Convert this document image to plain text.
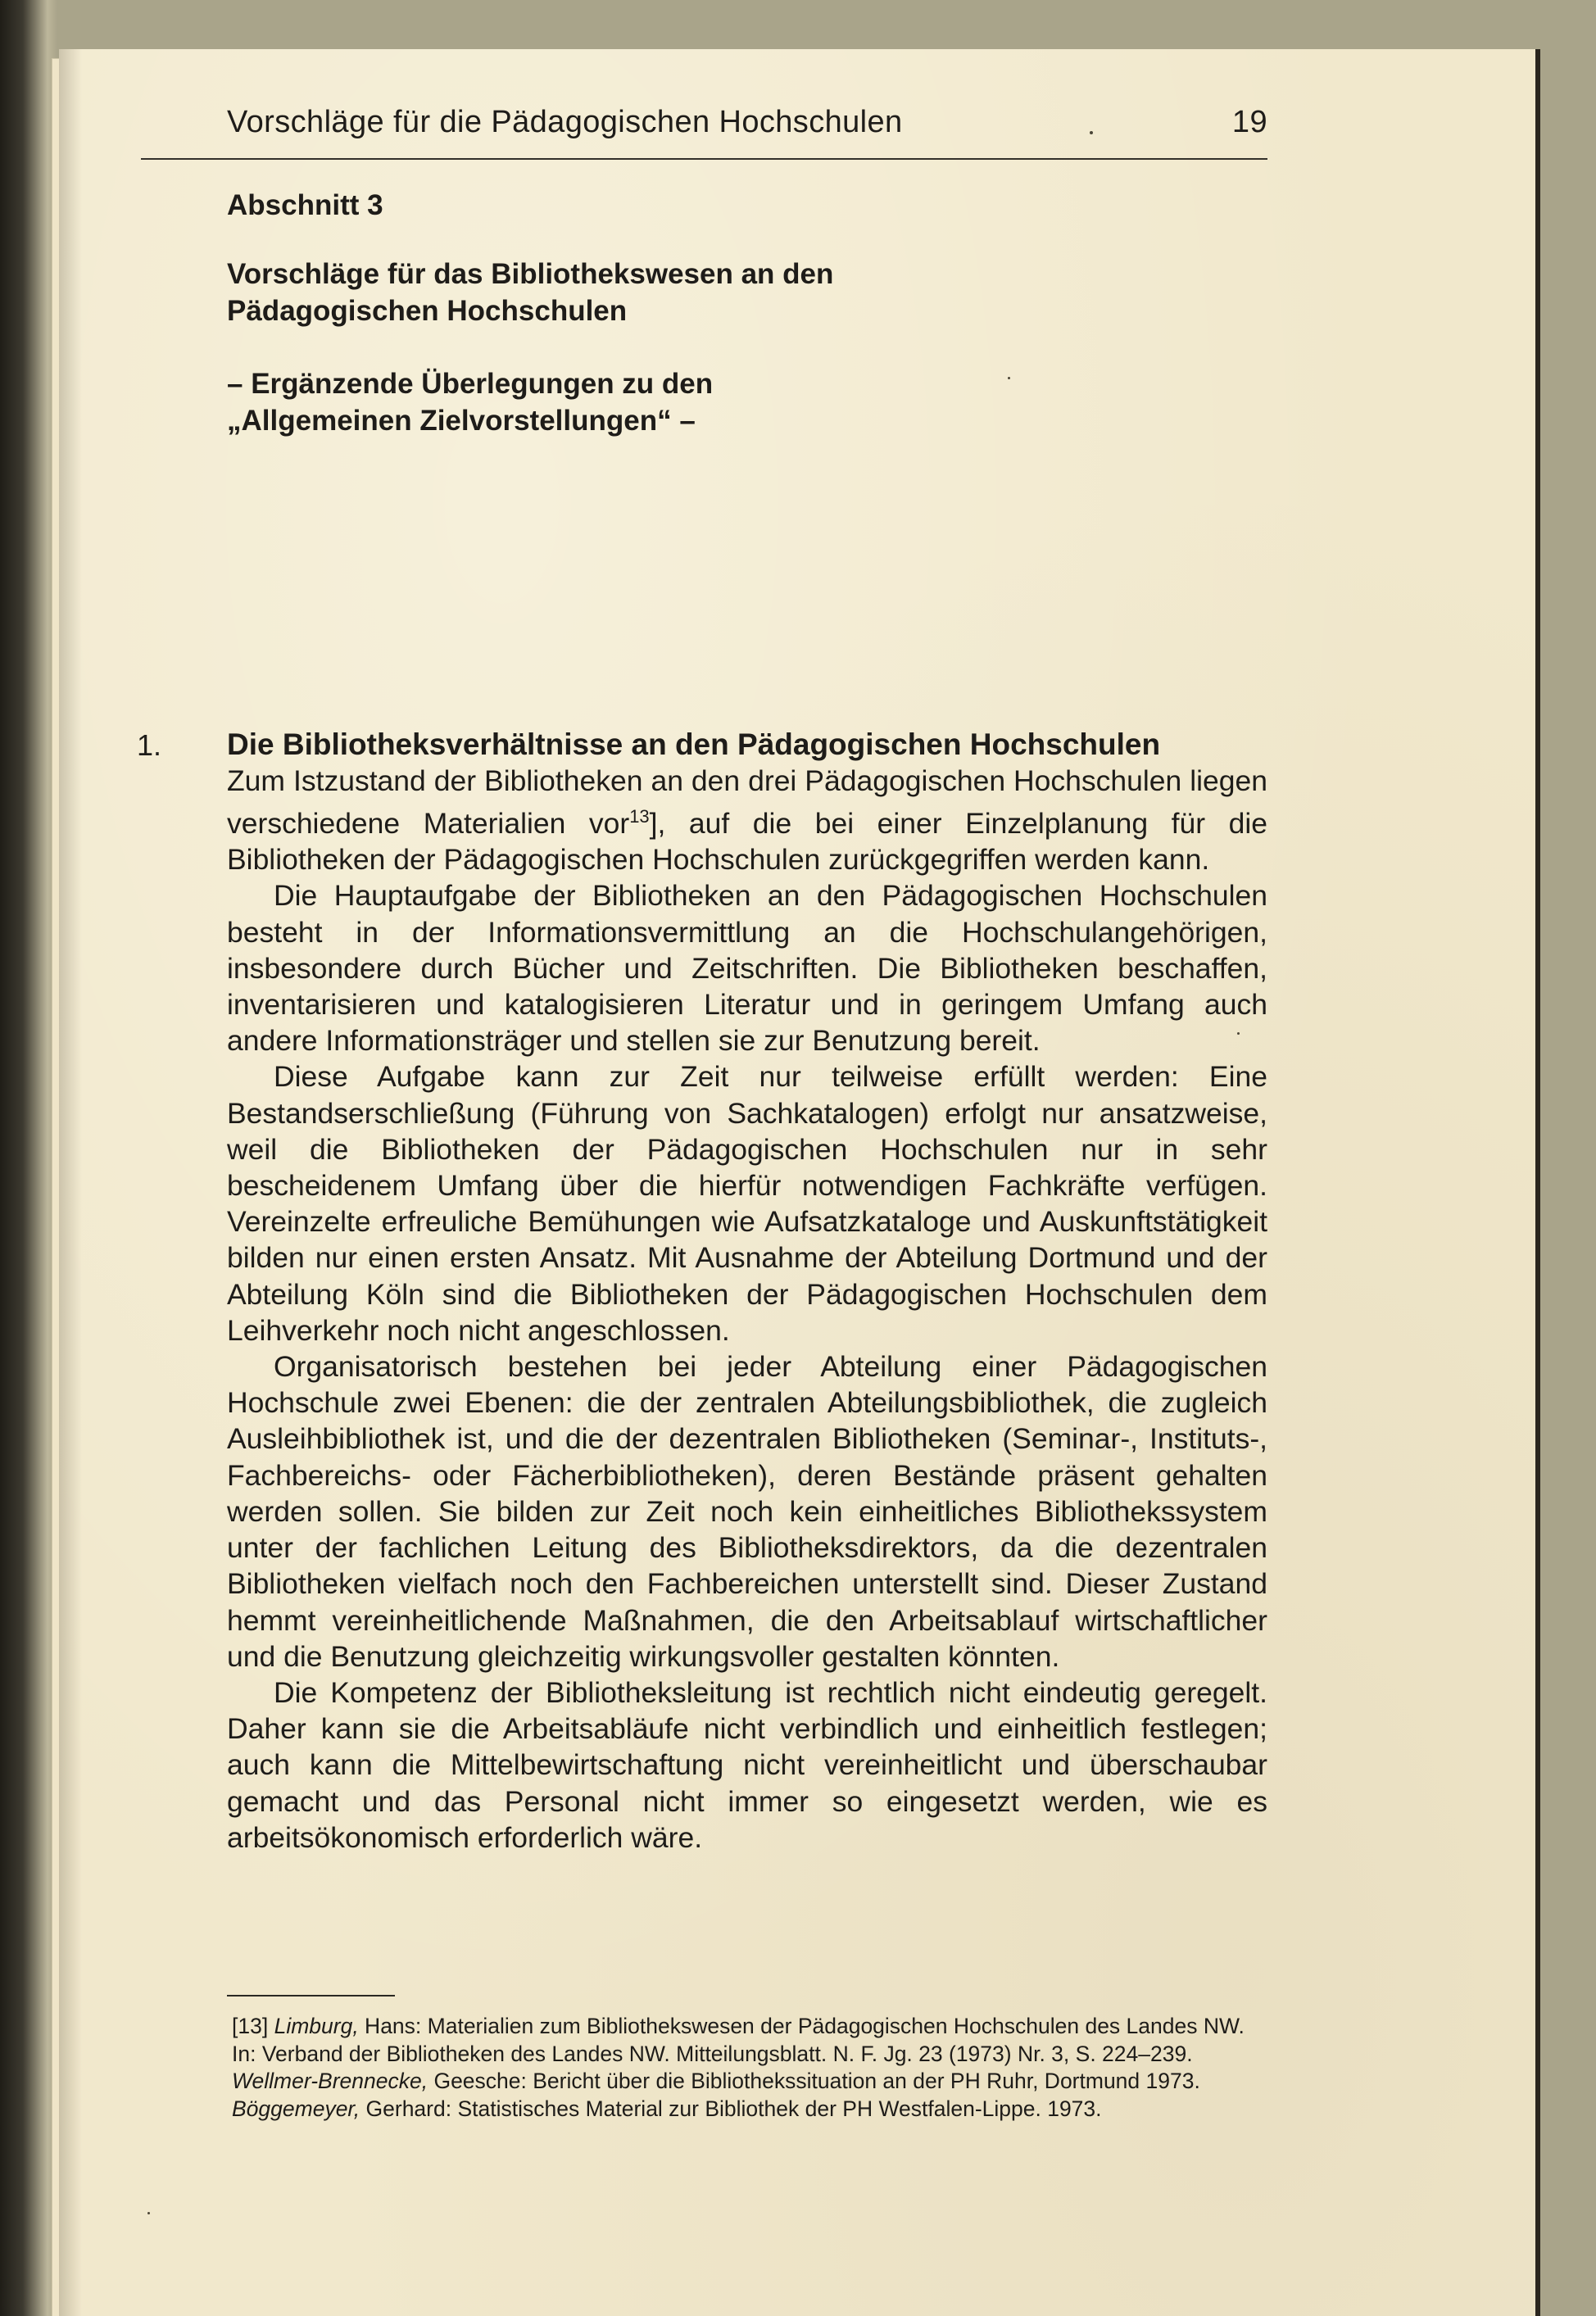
Vorschläge für die Pädagogischen Hochschulen	19
Abschnitt 3
Vorschläge für das Bibliothekswesen an den
Pädagogischen Hochschulen
– Ergänzende Überlegungen zu den
„Allgemeinen Zielvorstellungen“ –
1. Die Bibliotheksverhältnisse an den Pädagogischen Hochschulen

Zum Istzustand der Bibliotheken an den drei Pädagogischen Hochschulen liegen verschiedene Materialien vor$^{13}$], auf die bei einer Einzelplanung für die Bibliotheken der Pädagogischen Hochschulen zurückgegriffen werden kann.

Die Hauptaufgabe der Bibliotheken an den Pädagogischen Hochschulen besteht in der Informationsvermittlung an die Hochschulangehörigen, insbesondere durch Bücher und Zeitschriften. Die Bibliotheken beschaffen, inventarisieren und katalogisieren Literatur und in geringem Umfang auch andere Informationsträger und stellen sie zur Benutzung bereit.

Diese Aufgabe kann zur Zeit nur teilweise erfüllt werden: Eine Bestandserschließung (Führung von Sachkatalogen) erfolgt nur ansatzweise, weil die Bibliotheken der Pädagogischen Hochschulen nur in sehr bescheidenem Umfang über die hierfür notwendigen Fachkräfte verfügen. Vereinzelte erfreuliche Bemühungen wie Aufsatzkataloge und Auskunftstätigkeit bilden nur einen ersten Ansatz. Mit Ausnahme der Abteilung Dortmund und der Abteilung Köln sind die Bibliotheken der Pädagogischen Hochschulen dem Leihverkehr noch nicht angeschlossen.

Organisatorisch bestehen bei jeder Abteilung einer Pädagogischen Hochschule zwei Ebenen: die der zentralen Abteilungsbibliothek, die zugleich Ausleihbibliothek ist, und die der dezentralen Bibliotheken (Seminar-, Instituts-, Fachbereichs- oder Fächerbibliotheken), deren Bestände präsent gehalten werden sollen. Sie bilden zur Zeit noch kein einheitliches Bibliothekssystem unter der fachlichen Leitung des Bibliotheksdirektors, da die dezentralen Bibliotheken vielfach noch den Fachbereichen unterstellt sind. Dieser Zustand hemmt vereinheitlichende Maßnahmen, die den Arbeitsablauf wirtschaftlicher und die Benutzung gleichzeitig wirkungsvoller gestalten könnten.

Die Kompetenz der Bibliotheksleitung ist rechtlich nicht eindeutig geregelt. Daher kann sie die Arbeitsabläufe nicht verbindlich und einheitlich festlegen; auch kann die Mittelbewirtschaftung nicht vereinheitlicht und überschaubar gemacht und das Personal nicht immer so eingesetzt werden, wie es arbeitsökonomisch erforderlich wäre.

[13] Limburg, Hans: Materialien zum Bibliothekswesen der Pädagogischen Hochschulen des Landes NW. In: Verband der Bibliotheken des Landes NW. Mitteilungsblatt. N. F. Jg. 23 (1973) Nr. 3, S. 224–239.

Wellmer-Brennecke, Geesche: Bericht über die Bibliothekssituation an der PH Ruhr, Dortmund 1973.

Böggemeyer, Gerhard: Statistisches Material zur Bibliothek der PH Westfalen-Lippe. 1973.
